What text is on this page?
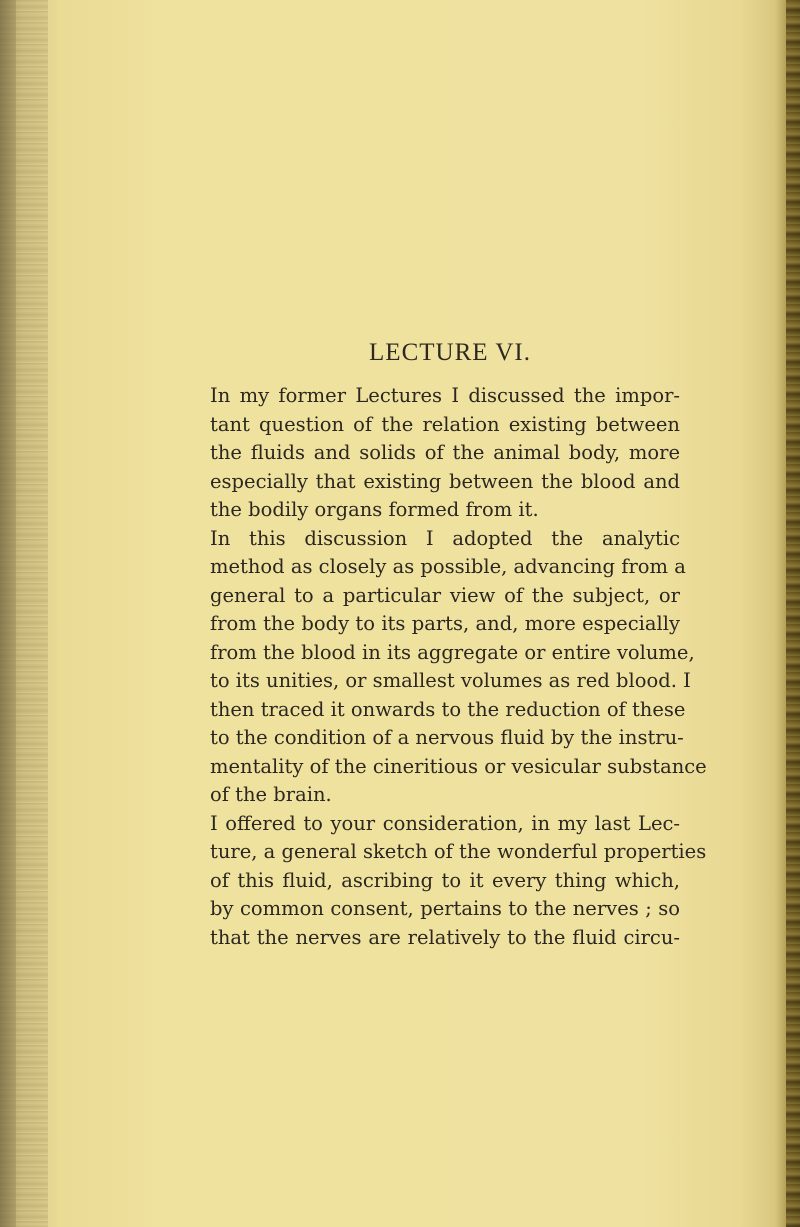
LECTURE VI.
In my former Lectures I discussed the impor-
tant question of the relation existing between
the fluids and solids of the animal body, more
especially that existing between the blood and
the bodily organs formed from it.
In this discussion I adopted the analytic
method as closely as possible, advancing from a
general to a particular view of the subject, or
from the body to its parts, and, more especially
from the blood in its aggregate or entire volume,
to its unities, or smallest volumes as red blood. I
then traced it onwards to the reduction of these
to the condition of a nervous fluid by the instru-
mentality of the cineritious or vesicular substance
of the brain.
I offered to your consideration, in my last Lec-
ture, a general sketch of the wonderful properties
of this fluid, ascribing to it every thing which,
by common consent, pertains to the nerves ; so
that the nerves are relatively to the fluid circu-
